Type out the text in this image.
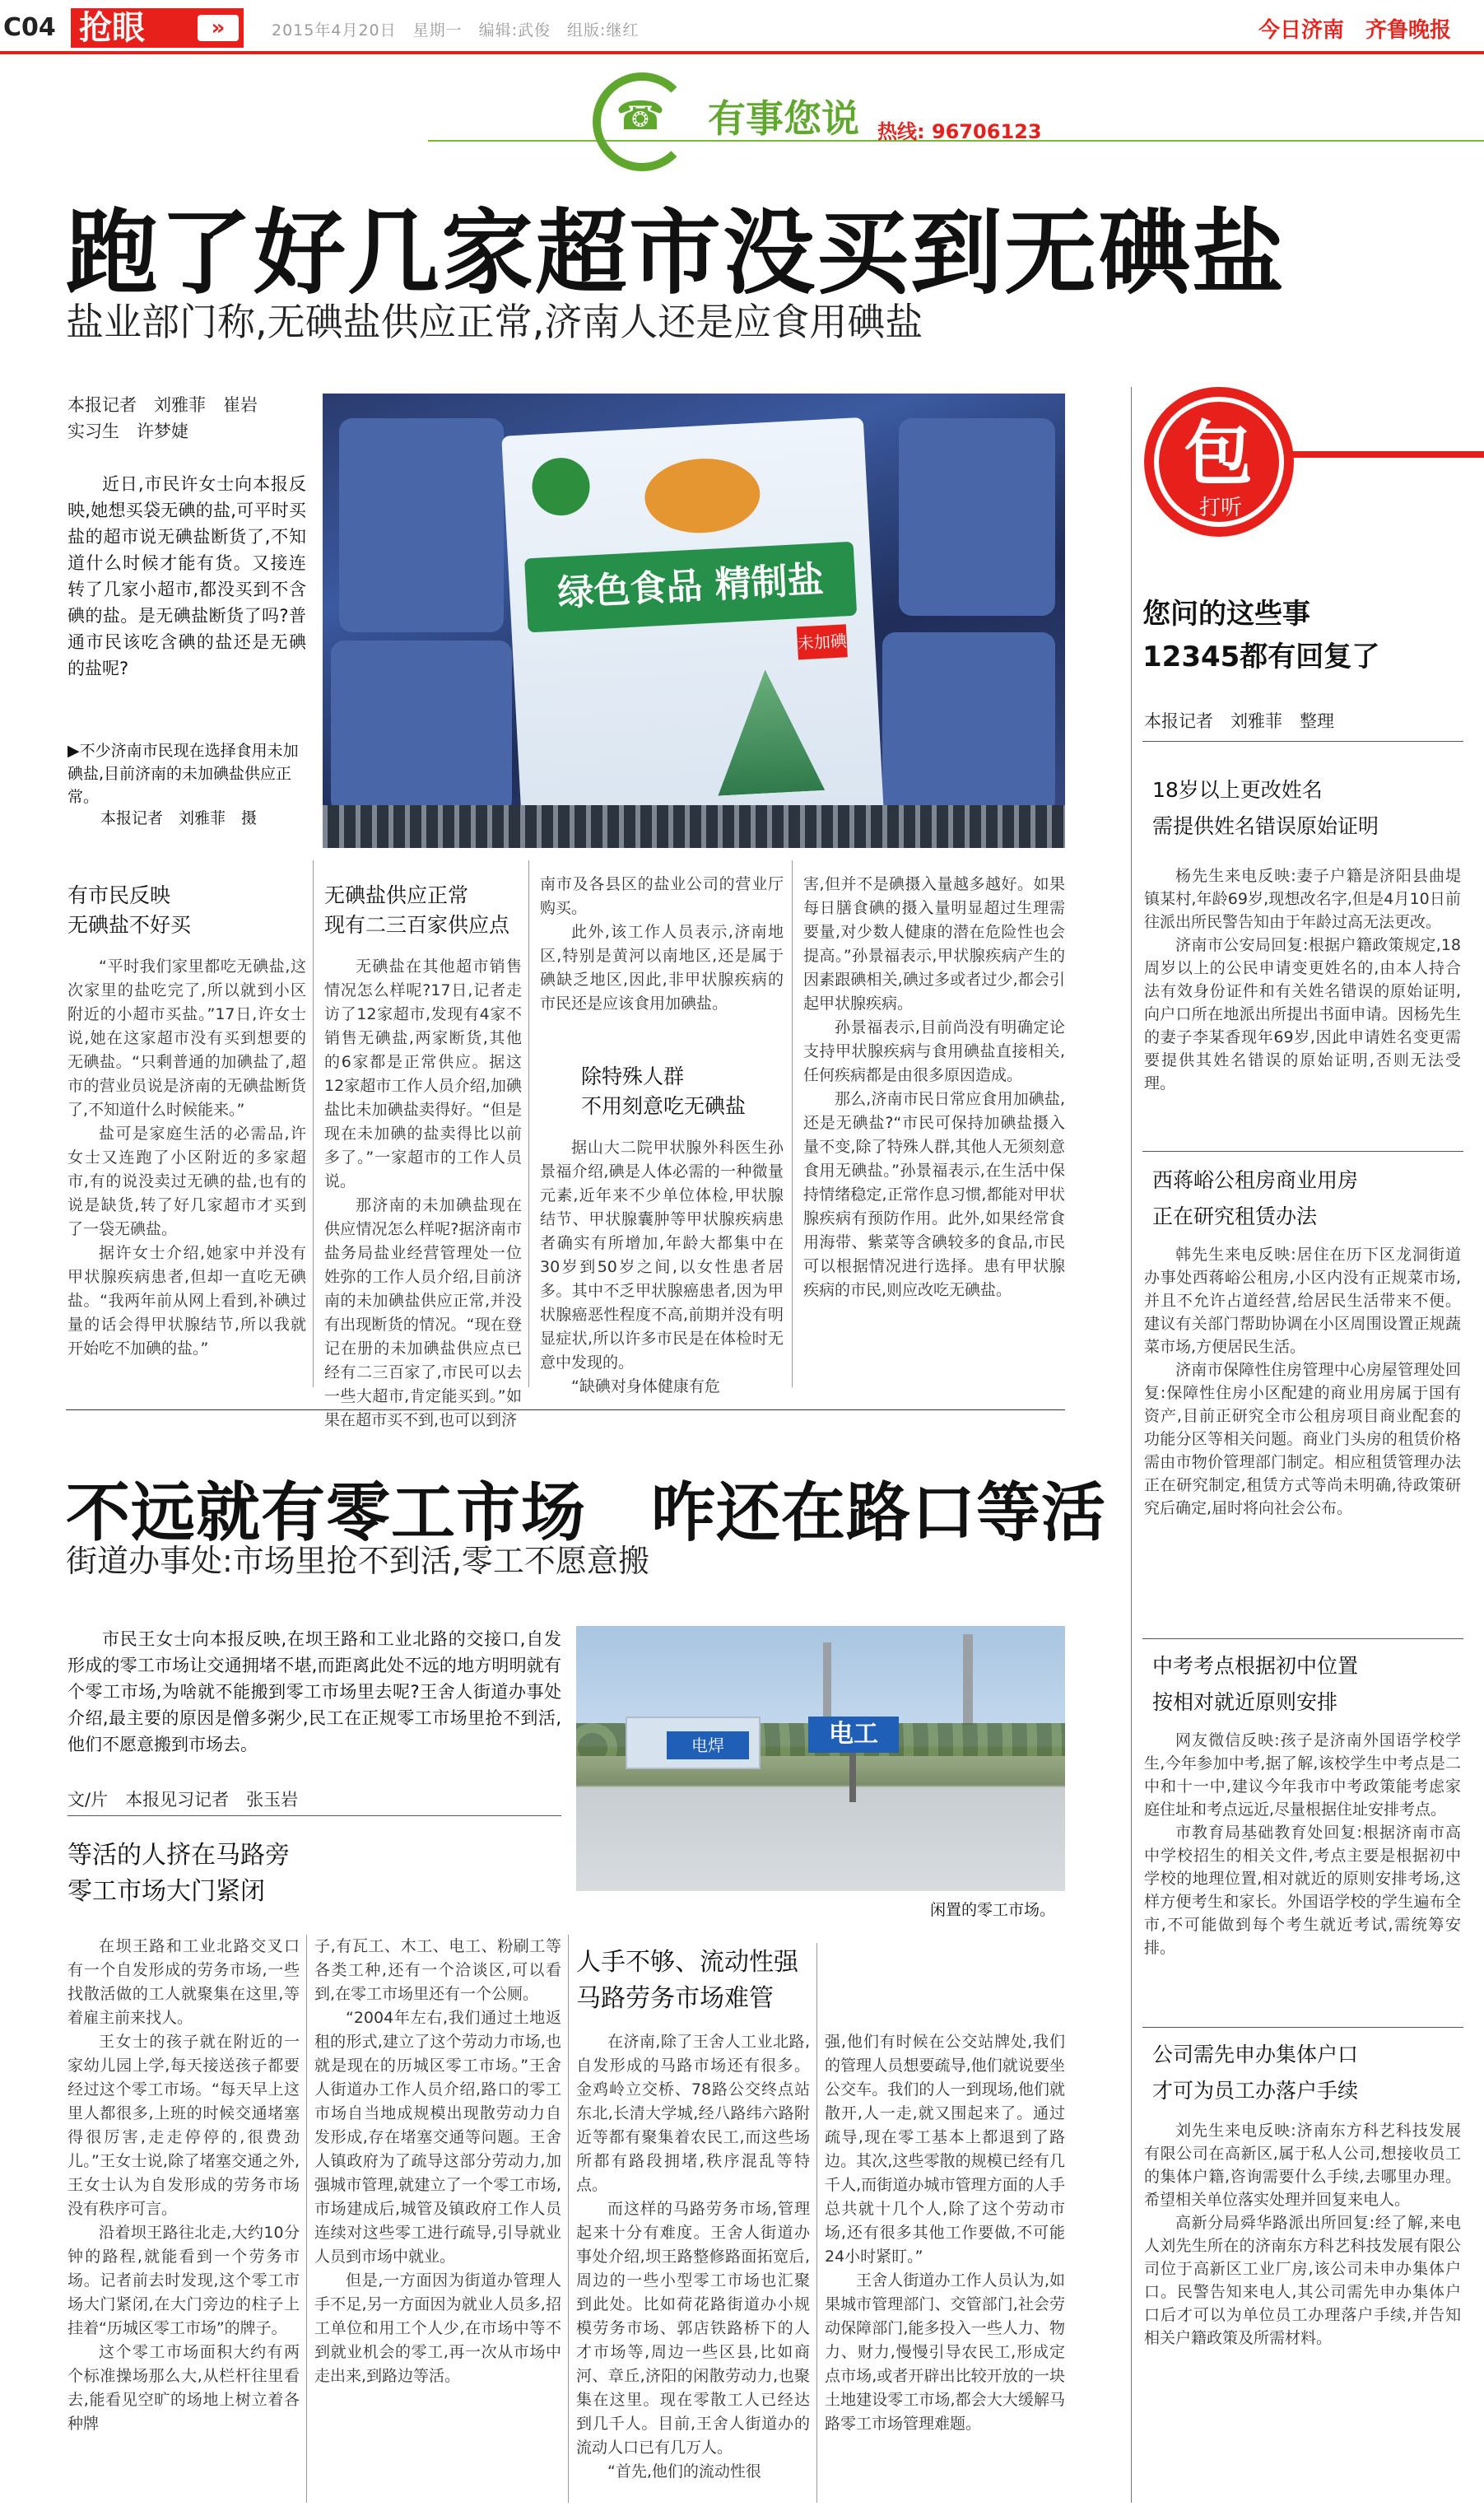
C04 抢眼	»	2015年4月20日　星期一　编辑:武俊　组版:继红	今日济南　齐鲁晚报
☎ 有事您说 热线: 96706123
跑了好几家超市没买到无碘盐
盐业部门称,无碘盐供应正常,济南人还是应食用碘盐
本报记者　刘雅菲　崔岩
实习生　许梦婕
近日,市民许女士向本报反映,她想买袋无碘的盐,可平时买盐的超市说无碘盐断货了,不知道什么时候才能有货。又接连转了几家小超市,都没买到不含碘的盐。是无碘盐断货了吗?普通市民该吃含碘的盐还是无碘的盐呢?
▶不少济南市民现在选择食用未加碘盐,目前济南的未加碘盐供应正常。
本报记者　刘雅菲　摄
绿色食品 精制盐
未加碘
有市民反映
无碘盐不好买

“平时我们家里都吃无碘盐,这次家里的盐吃完了,所以就到小区附近的小超市买盐。”17日,许女士说,她在这家超市没有买到想要的无碘盐。“只剩普通的加碘盐了,超市的营业员说是济南的无碘盐断货了,不知道什么时候能来。”

盐可是家庭生活的必需品,许女士又连跑了小区附近的多家超市,有的说没卖过无碘的盐,也有的说是缺货,转了好几家超市才买到了一袋无碘盐。

据许女士介绍,她家中并没有甲状腺疾病患者,但却一直吃无碘盐。“我两年前从网上看到,补碘过量的话会得甲状腺结节,所以我就开始吃不加碘的盐。”

无碘盐供应正常
现有二三百家供应点

无碘盐在其他超市销售情况怎么样呢?17日,记者走访了12家超市,发现有4家不销售无碘盐,两家断货,其他的6家都是正常供应。据这12家超市工作人员介绍,加碘盐比未加碘盐卖得好。“但是现在未加碘的盐卖得比以前多了。”一家超市的工作人员说。

那济南的未加碘盐现在供应情况怎么样呢?据济南市盐务局盐业经营管理处一位姓弥的工作人员介绍,目前济南的未加碘盐供应正常,并没有出现断货的情况。“现在登记在册的未加碘盐供应点已经有二三百家了,市民可以去一些大超市,肯定能买到。”如果在超市买不到,也可以到济

南市及各县区的盐业公司的营业厅购买。

此外,该工作人员表示,济南地区,特别是黄河以南地区,还是属于碘缺乏地区,因此,非甲状腺疾病的市民还是应该食用加碘盐。

除特殊人群
不用刻意吃无碘盐

据山大二院甲状腺外科医生孙景福介绍,碘是人体必需的一种微量元素,近年来不少单位体检,甲状腺结节、甲状腺囊肿等甲状腺疾病患者确实有所增加,年龄大都集中在30岁到50岁之间,以女性患者居多。其中不乏甲状腺癌患者,因为甲状腺癌恶性程度不高,前期并没有明显症状,所以许多市民是在体检时无意中发现的。

“缺碘对身体健康有危

害,但并不是碘摄入量越多越好。如果每日膳食碘的摄入量明显超过生理需要量,对少数人健康的潜在危险性也会提高。”孙景福表示,甲状腺疾病产生的因素跟碘相关,碘过多或者过少,都会引起甲状腺疾病。

孙景福表示,目前尚没有明确定论支持甲状腺疾病与食用碘盐直接相关,任何疾病都是由很多原因造成。

那么,济南市民日常应食用加碘盐,还是无碘盐?“市民可保持加碘盐摄入量不变,除了特殊人群,其他人无须刻意食用无碘盐。”孙景福表示,在生活中保持情绪稳定,正常作息习惯,都能对甲状腺疾病有预防作用。此外,如果经常食用海带、紫菜等含碘较多的食品,市民可以根据情况进行选择。患有甲状腺疾病的市民,则应改吃无碘盐。

不远就有零工市场　咋还在路口等活
街道办事处:市场里抢不到活,零工不愿意搬
市民王女士向本报反映,在坝王路和工业北路的交接口,自发形成的零工市场让交通拥堵不堪,而距离此处不远的地方明明就有个零工市场,为啥就不能搬到零工市场里去呢?王舍人街道办事处介绍,最主要的原因是僧多粥少,民工在正规零工市场里抢不到活,他们不愿意搬到市场去。
文/片　本报见习记者　张玉岩
电焊	电工
闲置的零工市场。
等活的人挤在马路旁
零工市场大门紧闭

在坝王路和工业北路交叉口有一个自发形成的劳务市场,一些找散活做的工人就聚集在这里,等着雇主前来找人。

王女士的孩子就在附近的一家幼儿园上学,每天接送孩子都要经过这个零工市场。“每天早上这里人都很多,上班的时候交通堵塞得很厉害,走走停停的,很费劲儿。”王女士说,除了堵塞交通之外,王女士认为自发形成的劳务市场没有秩序可言。

沿着坝王路往北走,大约10分钟的路程,就能看到一个劳务市场。记者前去时发现,这个零工市场大门紧闭,在大门旁边的柱子上挂着“历城区零工市场”的牌子。

这个零工市场面积大约有两个标准操场那么大,从栏杆往里看去,能看见空旷的场地上树立着各种牌

子,有瓦工、木工、电工、粉刷工等各类工种,还有一个洽谈区,可以看到,在零工市场里还有一个公厕。

“2004年左右,我们通过土地返租的形式,建立了这个劳动力市场,也就是现在的历城区零工市场。”王舍人街道办工作人员介绍,路口的零工市场自当地成规模出现散劳动力自发形成,存在堵塞交通等问题。王舍人镇政府为了疏导这部分劳动力,加强城市管理,就建立了一个零工市场,市场建成后,城管及镇政府工作人员连续对这些零工进行疏导,引导就业人员到市场中就业。

但是,一方面因为街道办管理人手不足,另一方面因为就业人员多,招工单位和用工个人少,在市场中等不到就业机会的零工,再一次从市场中走出来,到路边等活。

人手不够、流动性强
马路劳务市场难管

在济南,除了王舍人工业北路,自发形成的马路市场还有很多。金鸡岭立交桥、78路公交终点站东北,长清大学城,经八路纬六路附近等都有聚集着农民工,而这些场所都有路段拥堵,秩序混乱等特点。

而这样的马路劳务市场,管理起来十分有难度。王舍人街道办事处介绍,坝王路整修路面拓宽后,周边的一些小型零工市场也汇聚到此处。比如荷花路街道办小规模劳务市场、郭店铁路桥下的人才市场等,周边一些区县,比如商河、章丘,济阳的闲散劳动力,也聚集在这里。现在零散工人已经达到几千人。目前,王舍人街道办的流动人口已有几万人。

“首先,他们的流动性很

强,他们有时候在公交站牌处,我们的管理人员想要疏导,他们就说要坐公交车。我们的人一到现场,他们就散开,人一走,就又围起来了。通过疏导,现在零工基本上都退到了路边。其次,这些零散的规模已经有几千人,而街道办城市管理方面的人手总共就十几个人,除了这个劳动市场,还有很多其他工作要做,不可能24小时紧盯。”

王舍人街道办工作人员认为,如果城市管理部门、交管部门,社会劳动保障部门,能多投入一些人力、物力、财力,慢慢引导农民工,形成定点市场,或者开辟出比较开放的一块土地建设零工市场,都会大大缓解马路零工市场管理难题。

包
打听
您问的这些事
12345都有回复了
本报记者　刘雅菲　整理
18岁以上更改姓名
需提供姓名错误原始证明

杨先生来电反映:妻子户籍是济阳县曲堤镇某村,年龄69岁,现想改名字,但是4月10日前往派出所民警告知由于年龄过高无法更改。

济南市公安局回复:根据户籍政策规定,18周岁以上的公民申请变更姓名的,由本人持合法有效身份证件和有关姓名错误的原始证明,向户口所在地派出所提出书面申请。因杨先生的妻子李某香现年69岁,因此申请姓名变更需要提供其姓名错误的原始证明,否则无法受理。

西蒋峪公租房商业用房
正在研究租赁办法

韩先生来电反映:居住在历下区龙洞街道办事处西蒋峪公租房,小区内没有正规菜市场,并且不允许占道经营,给居民生活带来不便。建议有关部门帮助协调在小区周围设置正规蔬菜市场,方便居民生活。

济南市保障性住房管理中心房屋管理处回复:保障性住房小区配建的商业用房属于国有资产,目前正研究全市公租房项目商业配套的功能分区等相关问题。商业门头房的租赁价格需由市物价管理部门制定。相应租赁管理办法正在研究制定,租赁方式等尚未明确,待政策研究后确定,届时将向社会公布。

中考考点根据初中位置
按相对就近原则安排

网友微信反映:孩子是济南外国语学校学生,今年参加中考,据了解,该校学生中考点是二中和十一中,建议今年我市中考政策能考虑家庭住址和考点远近,尽量根据住址安排考点。

市教育局基础教育处回复:根据济南市高中学校招生的相关文件,考点主要是根据初中学校的地理位置,相对就近的原则安排考场,这样方便考生和家长。外国语学校的学生遍布全市,不可能做到每个考生就近考试,需统筹安排。

公司需先申办集体户口
才可为员工办落户手续

刘先生来电反映:济南东方科艺科技发展有限公司在高新区,属于私人公司,想接收员工的集体户籍,咨询需要什么手续,去哪里办理。希望相关单位落实处理并回复来电人。

高新分局舜华路派出所回复:经了解,来电人刘先生所在的济南东方科艺科技发展有限公司位于高新区工业厂房,该公司未申办集体户口。民警告知来电人,其公司需先申办集体户口后才可以为单位员工办理落户手续,并告知相关户籍政策及所需材料。
